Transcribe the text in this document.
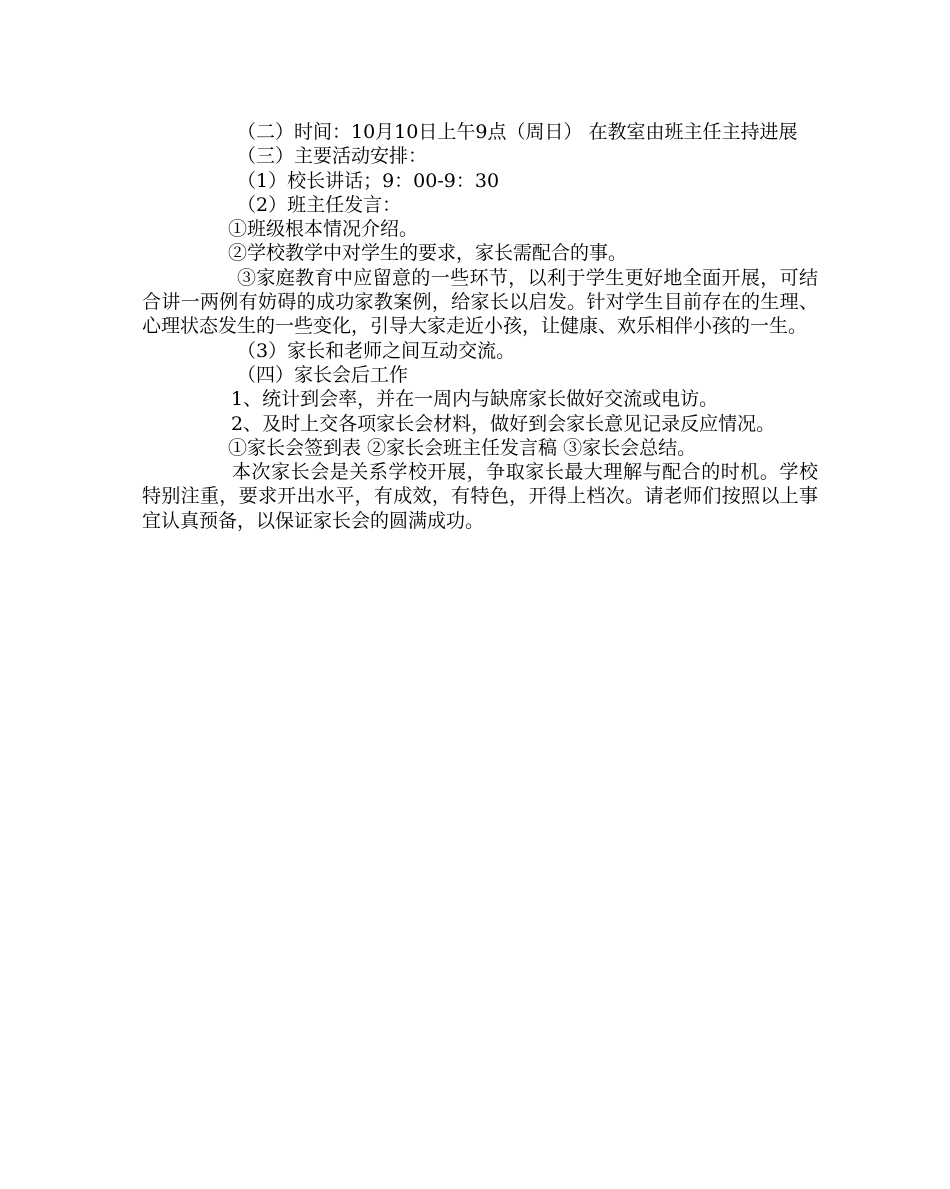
（二）时间：10月10日上午9点（周日） 在教室由班主任主持进展

（三）主要活动安排：

（1）校长讲话；9：00-9：30

（2）班主任发言：

①班级根本情况介绍。

②学校教学中对学生的要求，家长需配合的事。

③家庭教育中应留意的一些环节，以利于学生更好地全面开展，可结合讲一两例有妨碍的成功家教案例，给家长以启发。针对学生目前存在的生理、心理状态发生的一些变化，引导大家走近小孩，让健康、欢乐相伴小孩的一生。

（3）家长和老师之间互动交流。

（四）家长会后工作

1、统计到会率，并在一周内与缺席家长做好交流或电访。

2、及时上交各项家长会材料，做好到会家长意见记录反应情况。

①家长会签到表 ②家长会班主任发言稿 ③家长会总结。

本次家长会是关系学校开展，争取家长最大理解与配合的时机。学校特别注重，要求开出水平，有成效，有特色，开得上档次。请老师们按照以上事宜认真预备，以保证家长会的圆满成功。
